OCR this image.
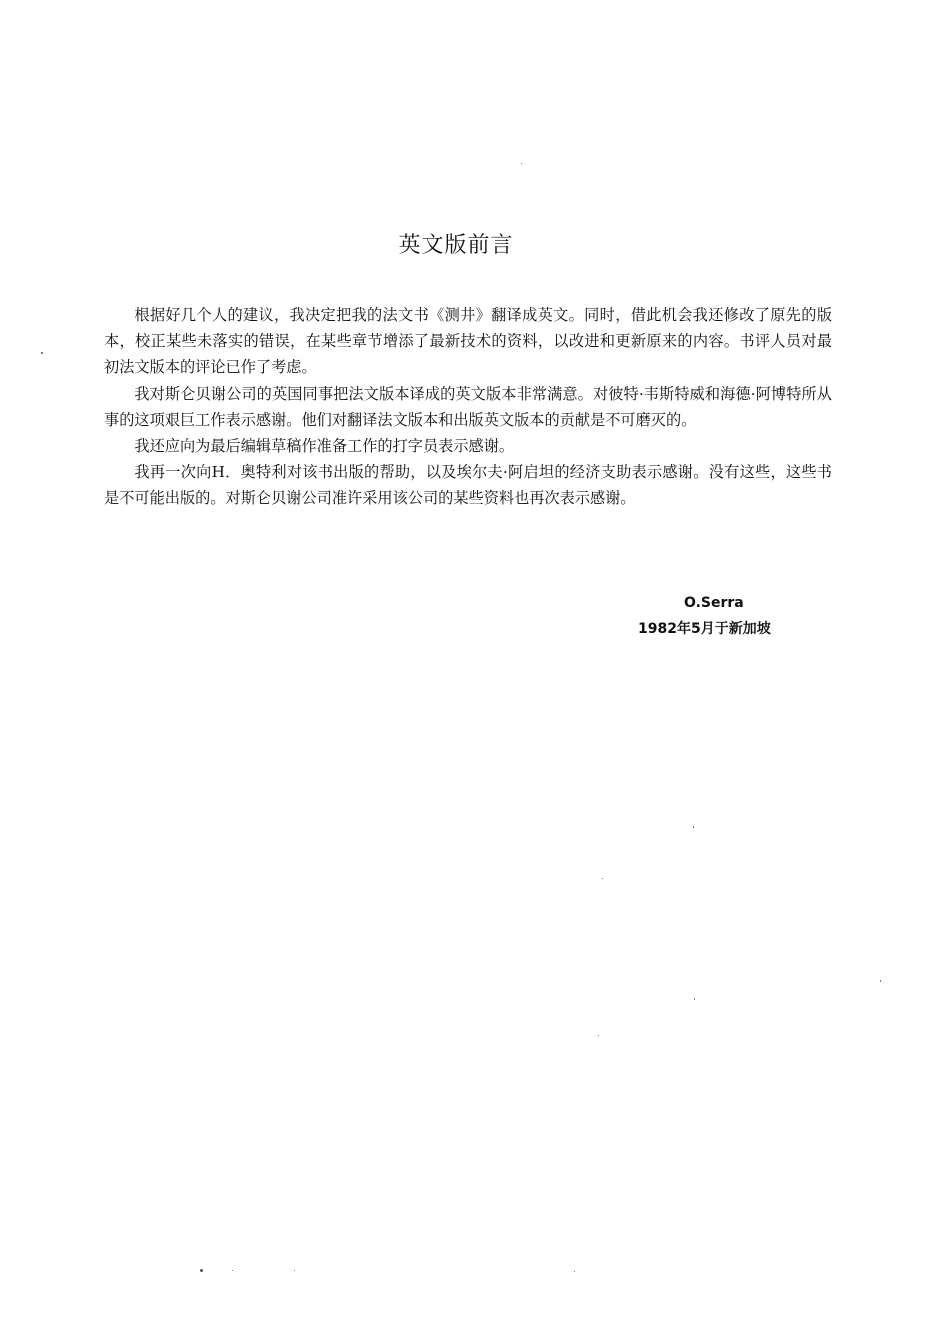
英文版前言

根据好几个人的建议，我决定把我的法文书《测井》翻译成英文。同时，借此机会我还修改了原先的版本，校正某些未落实的错误，在某些章节增添了最新技术的资料，以改进和更新原来的内容。书评人员对最初法文版本的评论已作了考虑。

我对斯仑贝谢公司的英国同事把法文版本译成的英文版本非常满意。对彼特·韦斯特威和海德·阿博特所从事的这项艰巨工作表示感谢。他们对翻译法文版本和出版英文版本的贡献是不可磨灭的。

我还应向为最后编辑草稿作准备工作的打字员表示感谢。

我再一次向H．奥特利对该书出版的帮助，以及埃尔夫·阿启坦的经济支助表示感谢。没有这些，这些书是不可能出版的。对斯仑贝谢公司准许采用该公司的某些资料也再次表示感谢。

O.Serra
1982年5月于新加坡
